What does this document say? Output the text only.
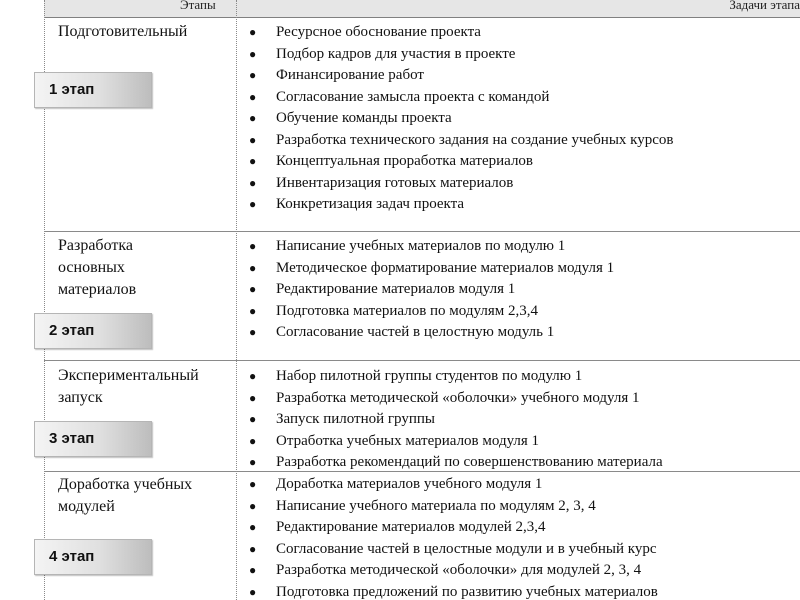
Этапы	Задачи этапа
Подготовительный
1 этап
● Ресурсное обоснование проекта
● Подбор кадров для участия в проекте
● Финансирование работ
● Согласование замысла проекта с командой
● Обучение команды проекта
● Разработка технического задания на создание учебных курсов
● Концептуальная проработка материалов
● Инвентаризация готовых материалов
● Конкретизация задач проекта
Разработка
основных
материалов
2 этап
● Написание учебных материалов по модулю 1
● Методическое форматирование материалов модуля 1
● Редактирование материалов модуля 1
● Подготовка материалов по модулям 2,3,4
● Согласование частей в целостную модуль 1
Экспериментальный
запуск
3 этап
● Набор пилотной группы студентов по модулю 1
● Разработка методической «оболочки» учебного модуля 1
● Запуск пилотной группы
● Отработка учебных материалов модуля 1
● Разработка рекомендаций по совершенствованию материала
Доработка учебных
модулей
4 этап
● Доработка материалов учебного модуля 1
● Написание учебного материала по модулям 2, 3, 4
● Редактирование материалов модулей 2,3,4
● Согласование частей в целостные модули и в учебный курс
● Разработка методической «оболочки» для модулей 2, 3, 4
● Подготовка предложений по развитию учебных материалов
